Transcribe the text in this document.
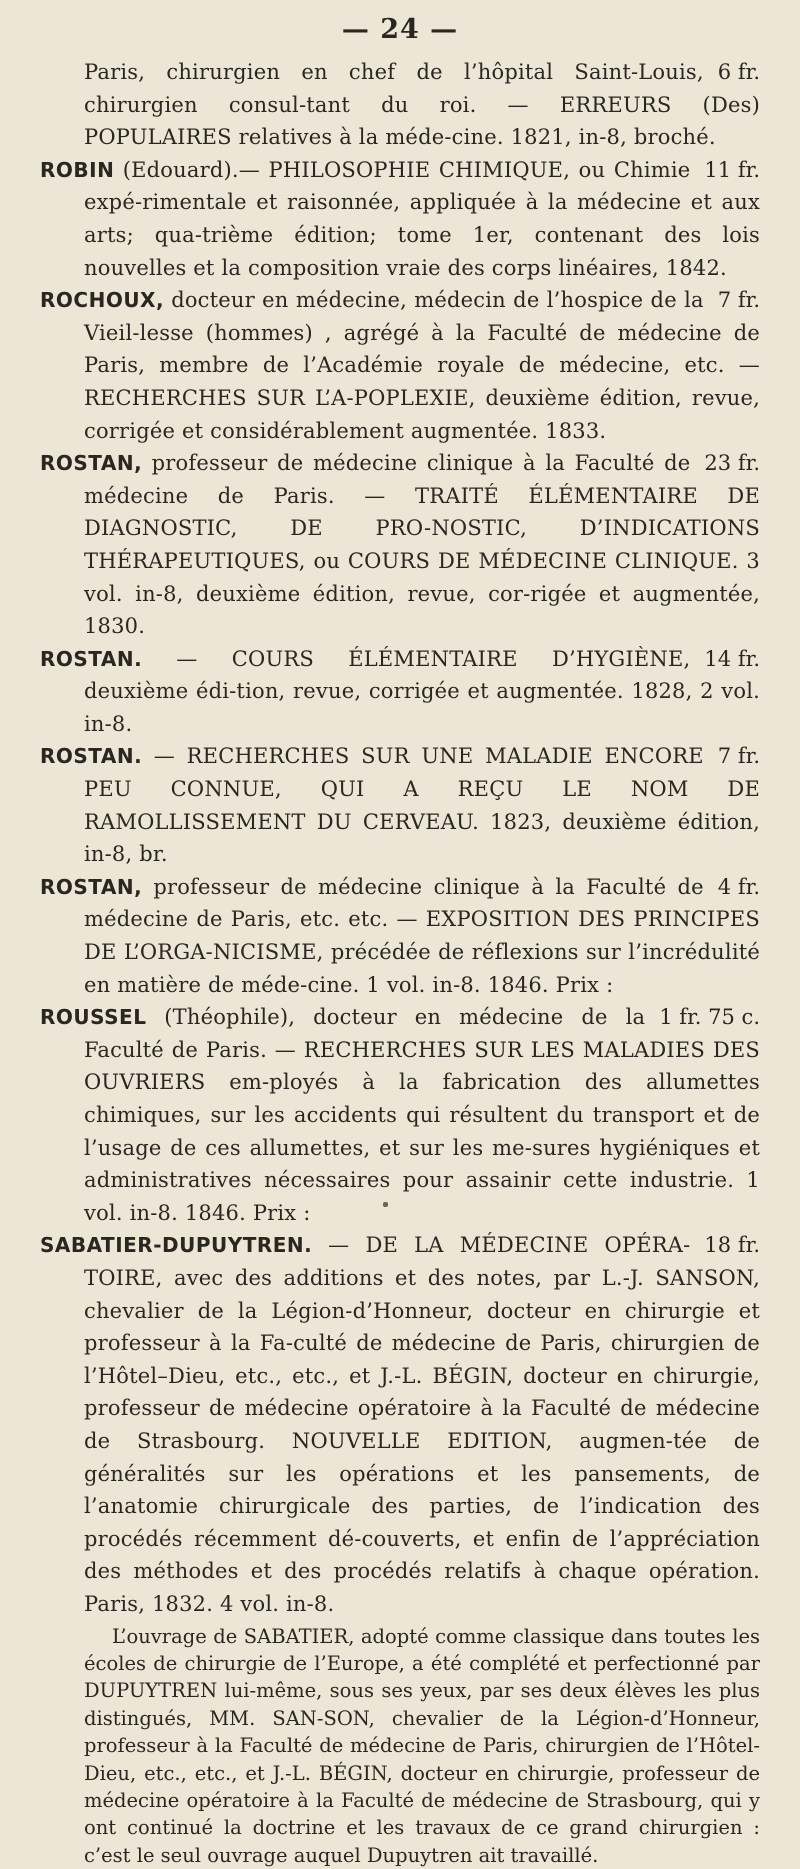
— 24 —

6 fr.
Paris, chirurgien en chef de l’hôpital Saint-Louis, chirurgien consul-tant du roi. — ERREURS (Des) POPULAIRES relatives à la méde-cine. 1821, in-8, broché.

11 fr.
ROBIN (Edouard).— PHILOSOPHIE CHIMIQUE, ou Chimie expé-rimentale et raisonnée, appliquée à la médecine et aux arts; qua-trième édition; tome 1er, contenant des lois nouvelles et la composition vraie des corps linéaires, 1842.

7 fr.
ROCHOUX, docteur en médecine, médecin de l’hospice de la Vieil-lesse (hommes) , agrégé à la Faculté de médecine de Paris, membre de l’Académie royale de médecine, etc. — RECHERCHES SUR L’A-POPLEXIE, deuxième édition, revue, corrigée et considérablement augmentée. 1833.

23 fr.
ROSTAN, professeur de médecine clinique à la Faculté de médecine de Paris. — TRAITÉ ÉLÉMENTAIRE DE DIAGNOSTIC, DE PRO-NOSTIC, D’INDICATIONS THÉRAPEUTIQUES, ou COURS DE MÉDECINE CLINIQUE. 3 vol. in-8, deuxième édition, revue, cor-rigée et augmentée, 1830.

14 fr.
ROSTAN. — COURS ÉLÉMENTAIRE D’HYGIÈNE, deuxième édi-tion, revue, corrigée et augmentée. 1828, 2 vol. in-8.

7 fr.
ROSTAN. — RECHERCHES SUR UNE MALADIE ENCORE PEU CONNUE, QUI A REÇU LE NOM DE RAMOLLISSEMENT DU CERVEAU. 1823, deuxième édition, in-8, br.

4 fr.
ROSTAN, professeur de médecine clinique à la Faculté de médecine de Paris, etc. etc. — EXPOSITION DES PRINCIPES DE L’ORGA-NICISME, précédée de réflexions sur l’incrédulité en matière de méde-cine. 1 vol. in-8. 1846. Prix :

1 fr. 75 c.
ROUSSEL (Théophile), docteur en médecine de la Faculté de Paris. — RECHERCHES SUR LES MALADIES DES OUVRIERS em-ployés à la fabrication des allumettes chimiques, sur les accidents qui résultent du transport et de l’usage de ces allumettes, et sur les me-sures hygiéniques et administratives nécessaires pour assainir cette industrie. 1 vol. in-8. 1846. Prix :

18 fr.
SABATIER-DUPUYTREN. — DE LA MÉDECINE OPÉRA-TOIRE, avec des additions et des notes, par L.-J. SANSON, chevalier de la Légion-d’Honneur, docteur en chirurgie et professeur à la Fa-culté de médecine de Paris, chirurgien de l’Hôtel–Dieu, etc., etc., et J.-L. BÉGIN, docteur en chirurgie, professeur de médecine opératoire à la Faculté de médecine de Strasbourg. NOUVELLE EDITION, augmen-tée de généralités sur les opérations et les pansements, de l’anatomie chirurgicale des parties, de l’indication des procédés récemment dé-couverts, et enfin de l’appréciation des méthodes et des procédés relatifs à chaque opération. Paris, 1832. 4 vol. in-8.

L’ouvrage de SABATIER, adopté comme classique dans toutes les écoles de chirurgie de l’Europe, a été complété et perfectionné par DUPUYTREN lui-même, sous ses yeux, par ses deux élèves les plus distingués, MM. SAN-SON, chevalier de la Légion-d’Honneur, professeur à la Faculté de médecine de Paris, chirurgien de l’Hôtel-Dieu, etc., etc., et J.-L. BÉGIN, docteur en chirurgie, professeur de médecine opératoire à la Faculté de médecine de Strasbourg, qui y ont continué la doctrine et les travaux de ce grand chirurgien : c’est le seul ouvrage auquel Dupuytren ait travaillé.
